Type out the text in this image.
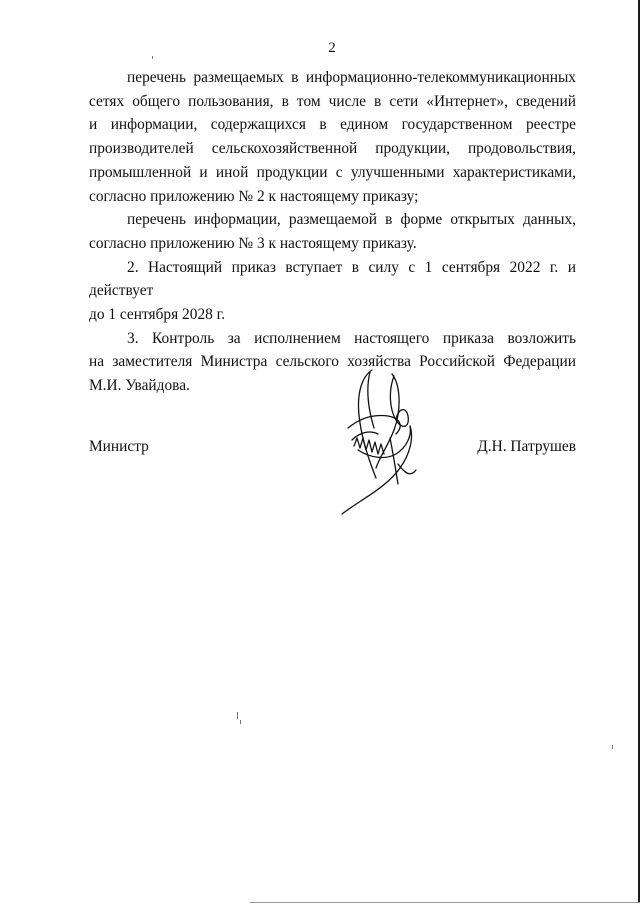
2

перечень размещаемых в информационно-телекоммуникационных
сетях общего пользования, в том числе в сети «Интернет», сведений
и информации, содержащихся в едином государственном реестре
производителей сельскохозяйственной продукции, продовольствия,
промышленной и иной продукции с улучшенными характеристиками,
согласно приложению № 2 к настоящему приказу;

перечень информации, размещаемой в форме открытых данных,
согласно приложению № 3 к настоящему приказу.

2. Настоящий приказ вступает в силу с 1 сентября 2022 г. и действует
до 1 сентября 2028 г.

3. Контроль за исполнением настоящего приказа возложить
на заместителя Министра сельского хозяйства Российской Федерации
М.И. Увайдова.

Министр	Д.Н. Патрушев
